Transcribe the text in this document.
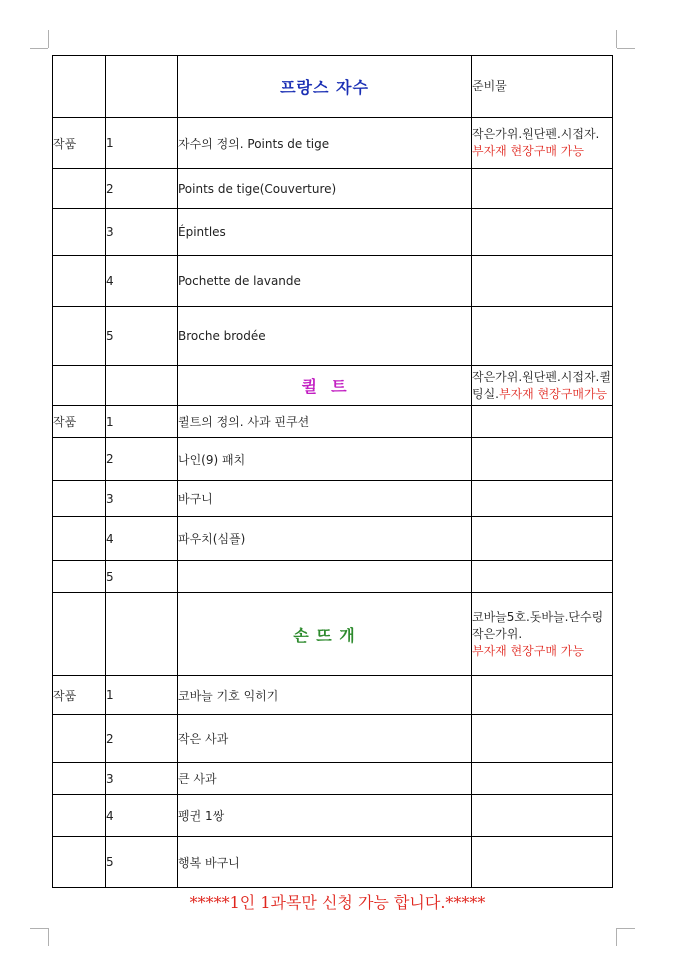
		프랑스 자수	준비물
작품	1	자수의 정의. Points de tige	작은가위.원단펜.시접자.
부자재 현장구매 가능
	2	Points de tige(Couverture)	
	3	Épintles	
	4	Pochette de lavande	
	5	Broche brodée	

		퀼  트	작은가위.원단펜.시접자.퀼팅실.부자재 현장구매가능
작품	1	퀼트의 정의. 사과 핀쿠션	
	2	나인(9) 패치	
	3	바구니	
	4	파우치(심플)	
	5		

		손 뜨 개	코바늘5호.돗바늘.단수링
작은가위.
부자재 현장구매 가능
작품	1	코바늘 기호 익히기	
	2	작은 사과	
	3	큰 사과	
	4	펭귄 1쌍	
	5	행복 바구니	
*****1인 1과목만 신청 가능 합니다.*****
